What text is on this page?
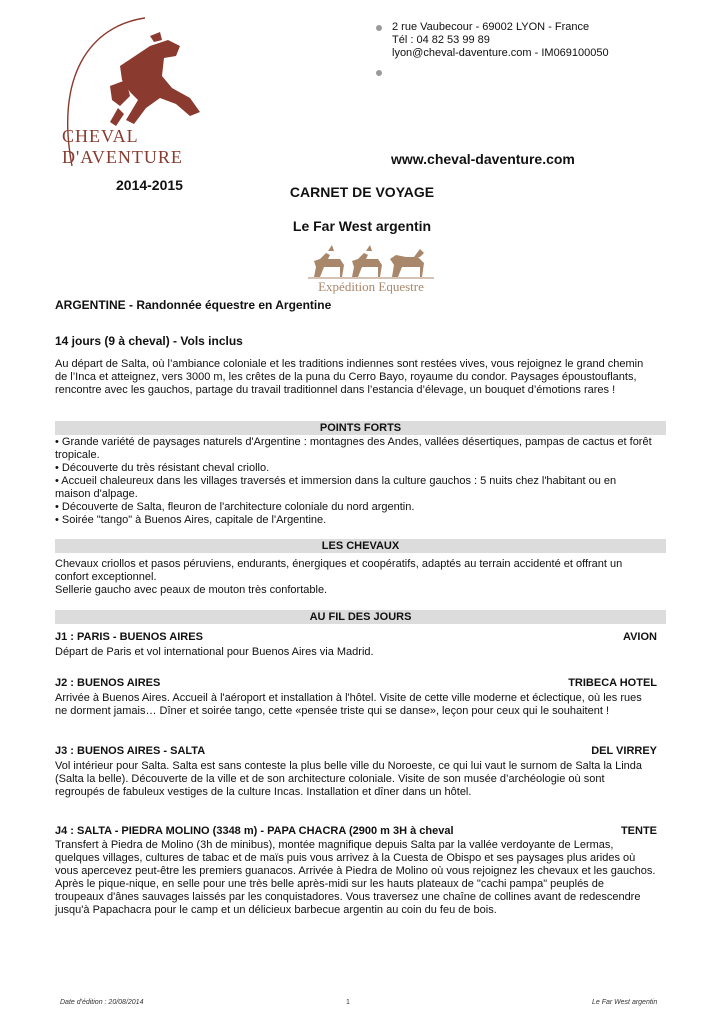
CHEVAL D'AVENTURE
2 rue Vaubecour - 69002 LYON - France
Tél : 04 82 53 99 89
lyon@cheval-daventure.com - IM069100050
www.cheval-daventure.com
2014-2015	CARNET DE VOYAGE
Le Far West argentin
Expédition Equestre
ARGENTINE - Randonnée équestre en Argentine
14 jours (9 à cheval) - Vols inclus
Au départ de Salta, où l’ambiance coloniale et les traditions indiennes sont restées vives, vous rejoignez le grand chemin
de l’Inca et atteignez, vers 3000 m, les crêtes de la puna du Cerro Bayo, royaume du condor. Paysages époustouflants,
rencontre avec les gauchos, partage du travail traditionnel dans l’estancia d’élevage, un bouquet d’émotions rares !
POINTS FORTS
• Grande variété de paysages naturels d'Argentine : montagnes des Andes, vallées désertiques, pampas de cactus et forêt
tropicale.
• Découverte du très résistant cheval criollo.
• Accueil chaleureux dans les villages traversés et immersion dans la culture gauchos : 5 nuits chez l'habitant ou en
maison d'alpage.
• Découverte de Salta, fleuron de l'architecture coloniale du nord argentin.
• Soirée "tango" à Buenos Aires, capitale de l'Argentine.
LES CHEVAUX
Chevaux criollos et pasos péruviens, endurants, énergiques et coopératifs, adaptés au terrain accidenté et offrant un
confort exceptionnel.
Sellerie gaucho avec peaux de mouton très confortable.
AU FIL DES JOURS
J1 : PARIS - BUENOS AIRES	AVION
Départ de Paris et vol international pour Buenos Aires via Madrid.
J2 : BUENOS AIRES	TRIBECA HOTEL
Arrivée à Buenos Aires. Accueil à l'aéroport et installation à l'hôtel. Visite de cette ville moderne et éclectique, où les rues
ne dorment jamais… Dîner et soirée tango, cette «pensée triste qui se danse», leçon pour ceux qui le souhaitent !
J3 : BUENOS AIRES - SALTA	DEL VIRREY
Vol intérieur pour Salta. Salta est sans conteste la plus belle ville du Noroeste, ce qui lui vaut le surnom de Salta la Linda
(Salta la belle). Découverte de la ville et de son architecture coloniale. Visite de son musée d’archéologie où sont
regroupés de fabuleux vestiges de la culture Incas. Installation et dîner dans un hôtel.
J4 : SALTA - PIEDRA MOLINO (3348 m) - PAPA CHACRA (2900 m 3H à cheval	TENTE
Transfert à Piedra de Molino (3h de minibus), montée magnifique depuis Salta par la vallée verdoyante de Lermas,
quelques villages, cultures de tabac et de maïs puis vous arrivez à la Cuesta de Obispo et ses paysages plus arides où
vous apercevez peut-être les premiers guanacos. Arrivée à Piedra de Molino où vous rejoignez les chevaux et les gauchos.
Après le pique-nique, en selle pour une très belle après-midi sur les hauts plateaux de "cachi pampa" peuplés de
troupeaux d'ânes sauvages laissés par les conquistadores. Vous traversez une chaîne de collines avant de redescendre
jusqu'à Papachacra pour le camp et un délicieux barbecue argentin au coin du feu de bois.
Date d'édition : 20/08/2014	1	Le Far West argentin
